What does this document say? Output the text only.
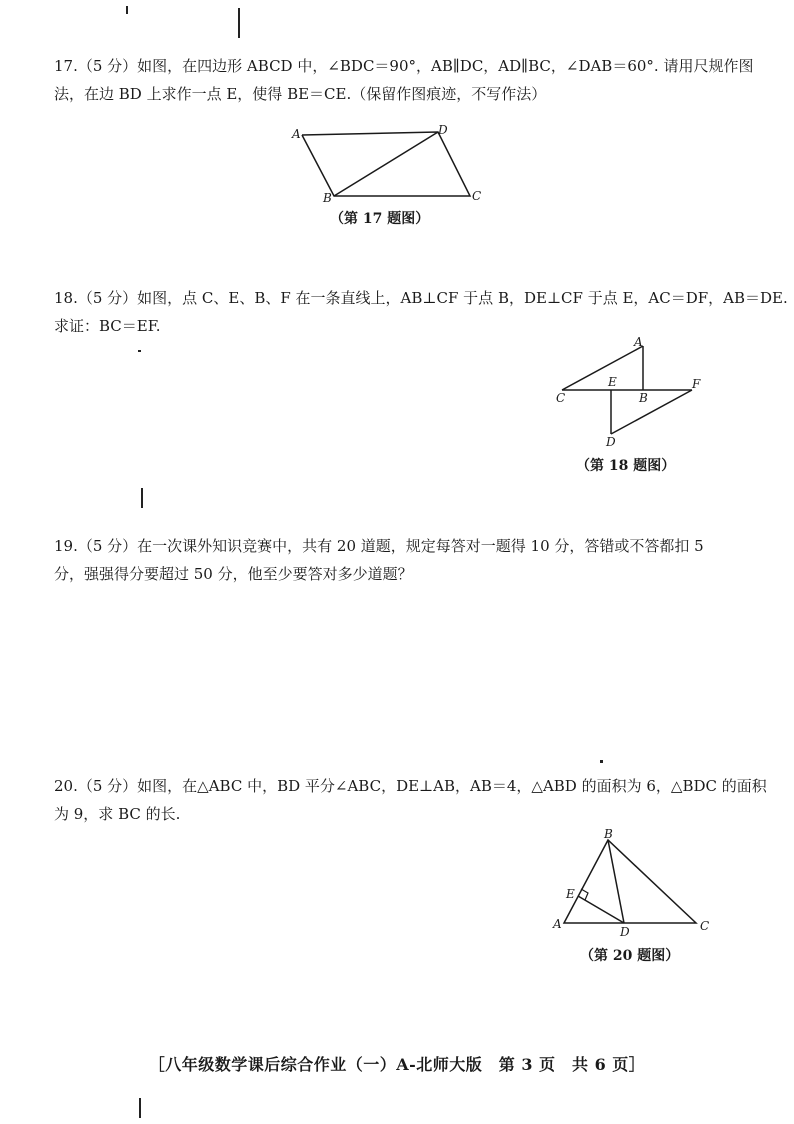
17.（5 分）如图，在四边形 ABCD 中，∠BDC＝90°，AB∥DC，AD∥BC，∠DAB＝60°. 请用尺规作图
法，在边 BD 上求作一点 E，使得 BE＝CE.（保留作图痕迹，不写作法）
A	D
B	C
（第 17 题图）
18.（5 分）如图，点 C、E、B、F 在一条直线上，AB⊥CF 于点 B，DE⊥CF 于点 E，AC＝DF，AB＝DE.
求证：BC＝EF.
A
E	F
C	B
D
（第 18 题图）
19.（5 分）在一次课外知识竞赛中，共有 20 道题，规定每答对一题得 10 分，答错或不答都扣 5
分，强强得分要超过 50 分，他至少要答对多少道题？
20.（5 分）如图，在△ABC 中，BD 平分∠ABC，DE⊥AB，AB＝4，△ABD 的面积为 6，△BDC 的面积
为 9，求 BC 的长.
B
E
A
D	C
（第 20 题图）
［八年级数学课后综合作业（一）A-北师大版　第 3 页　共 6 页］
